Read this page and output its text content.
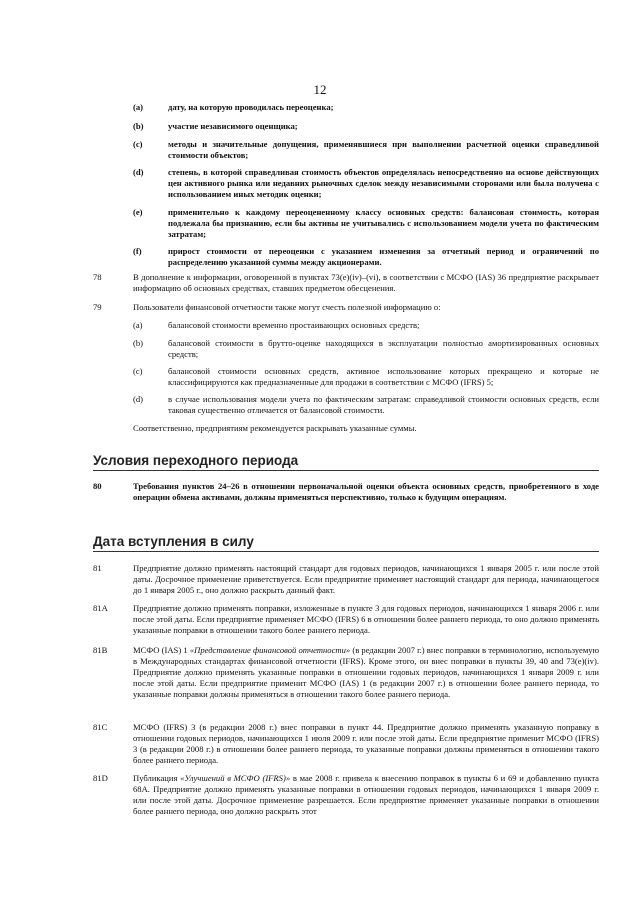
12
(a)	дату, на которую проводилась переоценка;
(b)	участие независимого оценщика;
(c)	методы и значительные допущения, применявшиеся при выполнении расчетной оценки справедливой стоимости объектов;
(d)	степень, в которой справедливая стоимость объектов определялась непосредственно на основе действующих цен активного рынка или недавних рыночных сделок между независимыми сторонами или была получена с использованием иных методик оценки;
(e)	применительно к каждому переоцененному классу основных средств: балансовая стоимость, которая подлежала бы признанию, если бы активы не учитывались с использованием модели учета по фактическим затратам;
(f)	прирост стоимости от переоценки с указанием изменения за отчетный период и ограничений по распределению указанной суммы между акционерами.
78	В дополнение к информации, оговоренной в пунктах 73(e)(iv)–(vi), в соответствии с МСФО (IAS) 36 предприятие раскрывает информацию об основных средствах, ставших предметом обесценения.
79	Пользователи финансовой отчетности также могут счесть полезной информацию о:
(a)	балансовой стоимости временно простаивающих основных средств;
(b)	балансовой стоимости в брутто-оценке находящихся в эксплуатации полностью амортизированных основных средств;
(c)	балансовой стоимости основных средств, активное использование которых прекращено и которые не классифицируются как предназначенные для продажи в соответствии с МСФО (IFRS) 5;
(d)	в случае использования модели учета по фактическим затратам: справедливой стоимости основных средств, если таковая существенно отличается от балансовой стоимости.
Соответственно, предприятиям рекомендуется раскрывать указанные суммы.
Условия переходного периода
80	Требования пунктов 24–26 в отношении первоначальной оценки объекта основных средств, приобретенного в ходе операции обмена активами, должны применяться перспективно, только к будущим операциям.
Дата вступления в силу
81	Предприятие должно применять настоящий стандарт для годовых периодов, начинающихся 1 января 2005 г. или после этой даты. Досрочное применение приветствуется. Если предприятие применяет настоящий стандарт для периода, начинающегося до 1 января 2005 г., оно должно раскрыть данный факт.
81A	Предприятие должно применять поправки, изложенные в пункте 3 для годовых периодов, начинающихся 1 января 2006 г. или после этой даты. Если предприятие применяет МСФО (IFRS) 6 в отношении более раннего периода, то оно должно применять указанные поправки в отношении такого более раннего периода.
81B	МСФО (IAS) 1 «Представление финансовой отчетности» (в редакции 2007 г.) внес поправки в терминологию, используемую в Международных стандартах финансовой отчетности (IFRS). Кроме этого, он внес поправки в пункты 39, 40 and 73(e)(iv). Предприятие должно применять указанные поправки в отношении годовых периодов, начинающихся 1 января 2009 г. или после этой даты. Если предприятие применит МСФО (IAS) 1 (в редакции 2007 г.) в отношении более раннего периода, то указанные поправки должны применяться в отношении такого более раннего периода.
81C	МСФО (IFRS) 3 (в редакции 2008 г.) внес поправки в пункт 44. Предприятие должно применять указанную поправку в отношении годовых периодов, начинающихся 1 июля 2009 г. или после этой даты. Если предприятие применит МСФО (IFRS) 3 (в редакции 2008 г.) в отношении более раннего периода, то указанные поправки должны применяться в отношении такого более раннего периода.
81D	Публикация «Улучшений в МСФО (IFRS)» в мае 2008 г. привела к внесению поправок в пункты 6 и 69 и добавлению пункта 68A. Предприятие должно применять указанные поправки в отношении годовых периодов, начинающихся 1 января 2009 г. или после этой даты. Досрочное применение разрешается. Если предприятие применяет указанные поправки в отношении более раннего периода, оно должно раскрыть этот
